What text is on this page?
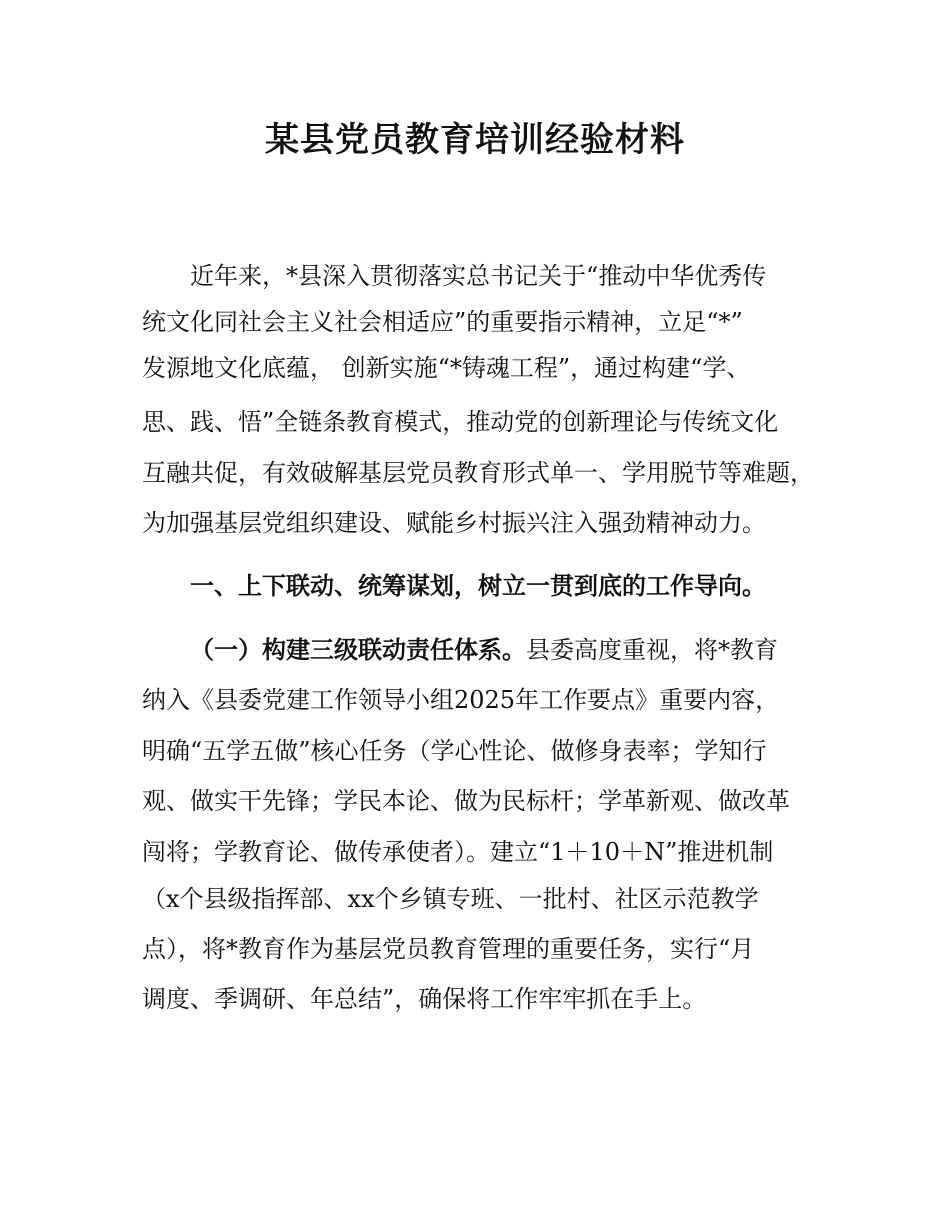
某县党员教育培训经验材料

近年来，*县深入贯彻落实总书记关于“推动中华优秀传

统文化同社会主义社会相适应”的重要指示精神，立足“*”

发源地文化底蕴， 创新实施“*铸魂工程”，通过构建“学、

思、践、悟”全链条教育模式，推动党的创新理论与传统文化

互融共促，有效破解基层党员教育形式单一、学用脱节等难题，

为加强基层党组织建设、赋能乡村振兴注入强劲精神动力。

一、上下联动、统筹谋划，树立一贯到底的工作导向。

（一）构建三级联动责任体系。县委高度重视，将*教育

纳入《县委党建工作领导小组2025年工作要点》重要内容，

明确“五学五做”核心任务（学心性论、做修身表率；学知行

观、做实干先锋；学民本论、做为民标杆；学革新观、做改革

闯将；学教育论、做传承使者）。建立“1＋10＋N”推进机制

（x个县级指挥部、xx个乡镇专班、一批村、社区示范教学

点），将*教育作为基层党员教育管理的重要任务，实行“月

调度、季调研、年总结”，确保将工作牢牢抓在手上。
